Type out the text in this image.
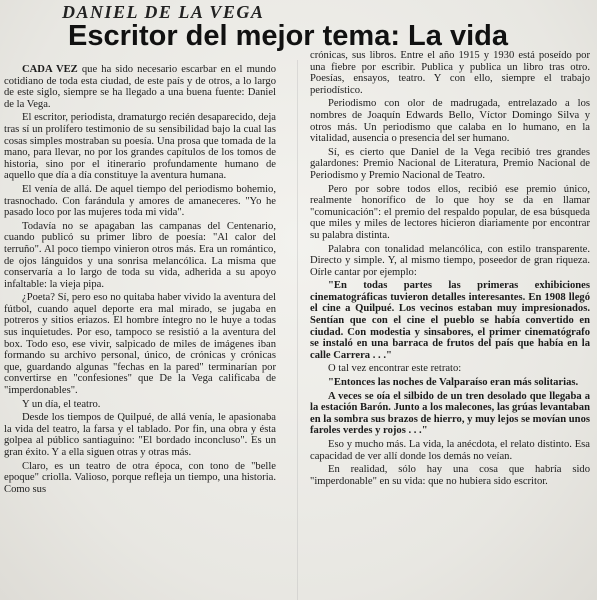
DANIEL DE LA VEGA
Escritor del mejor tema: La vida

CADA VEZ que ha sido necesario escarbar en el mundo cotidiano de toda esta ciudad, de este país y de otros, a lo largo de este siglo, siempre se ha llegado a una buena fuente: Daniel de la Vega.

El escritor, periodista, dramaturgo recién desaparecido, deja tras sí un prolífero testimonio de su sensibilidad bajo la cual las cosas simples mostraban su poesía. Una prosa que tomada de la mano, para llevar, no por los grandes capítulos de los tomos de historia, sino por el itinerario profundamente humano de aquello que día a día constituye la aventura humana.

El venía de allá. De aquel tiempo del periodismo bohemio, trasnochado. Con farándula y amores de amaneceres. "Yo he pasado loco por las mujeres toda mi vida".

Todavía no se apagaban las campanas del Centenario, cuando publicó su primer libro de poesía: "Al calor del terruño". Al poco tiempo vinieron otros más. Era un romántico, de ojos lánguidos y una sonrisa melancólica. La misma que conservaría a lo largo de toda su vida, adherida a su apoyo infaltable: la vieja pipa.

¿Poeta? Sí, pero eso no quitaba haber vivido la aventura del fútbol, cuando aquel deporte era mal mirado, se jugaba en potreros y sitios eriazos. El hombre íntegro no le huye a todas sus inquietudes. Por eso, tampoco se resistió a la aventura del box. Todo eso, ese vivir, salpicado de miles de imágenes iban formando su archivo personal, único, de crónicas y crónicas que, guardando algunas "fechas en la pared" terminarían por convertirse en "confesiones" que De la Vega calificaba de "imperdonables".

Y un día, el teatro.

Desde los tiempos de Quilpué, de allá venía, le apasionaba la vida del teatro, la farsa y el tablado. Por fin, una obra y ésta golpea al público santiaguino: "El bordado inconcluso". Es un gran éxito. Y a ella siguen otras y otras más.

Claro, es un teatro de otra época, con tono de "belle epoque" criolla. Valioso, porque refleja un tiempo, una historia. Como sus

crónicas, sus libros. Entre el año 1915 y 1930 está poseído por una fiebre por escribir. Publica y publica un libro tras otro. Poesías, ensayos, teatro. Y con ello, siempre el trabajo periodístico.

Periodismo con olor de madrugada, entrelazado a los nombres de Joaquín Edwards Bello, Víctor Domingo Silva y otros más. Un periodismo que calaba en lo humano, en la vitalidad, ausencia o presencia del ser humano.

Sí, es cierto que Daniel de la Vega recibió tres grandes galardones: Premio Nacional de Literatura, Premio Nacional de Periodismo y Premio Nacional de Teatro.

Pero por sobre todos ellos, recibió ese premio único, realmente honorífico de lo que hoy se da en llamar "comunicación": el premio del respaldo popular, de esa búsqueda que miles y miles de lectores hicieron diariamente por encontrar su palabra distinta.

Palabra con tonalidad melancólica, con estilo transparente. Directo y simple. Y, al mismo tiempo, poseedor de gran riqueza. Oírle cantar por ejemplo:

"En todas partes las primeras exhibiciones cinematográficas tuvieron detalles interesantes. En 1908 llegó el cine a Quilpué. Los vecinos estaban muy impresionados. Sentían que con el cine el pueblo se había convertido en ciudad. Con modestia y sinsabores, el primer cinematógrafo se instaló en una barraca de frutos del país que había en la calle Carrera . . ."

O tal vez encontrar este retrato:

"Entonces las noches de Valparaíso eran más solitarias.

A veces se oía el silbido de un tren desolado que llegaba a la estación Barón. Junto a los malecones, las grúas levantaban en la sombra sus brazos de hierro, y muy lejos se movían unos faroles verdes y rojos . . ."

Eso y mucho más. La vida, la anécdota, el relato distinto. Esa capacidad de ver allí donde los demás no veían.

En realidad, sólo hay una cosa que habría sido "imperdonable" en su vida: que no hubiera sido escritor.
